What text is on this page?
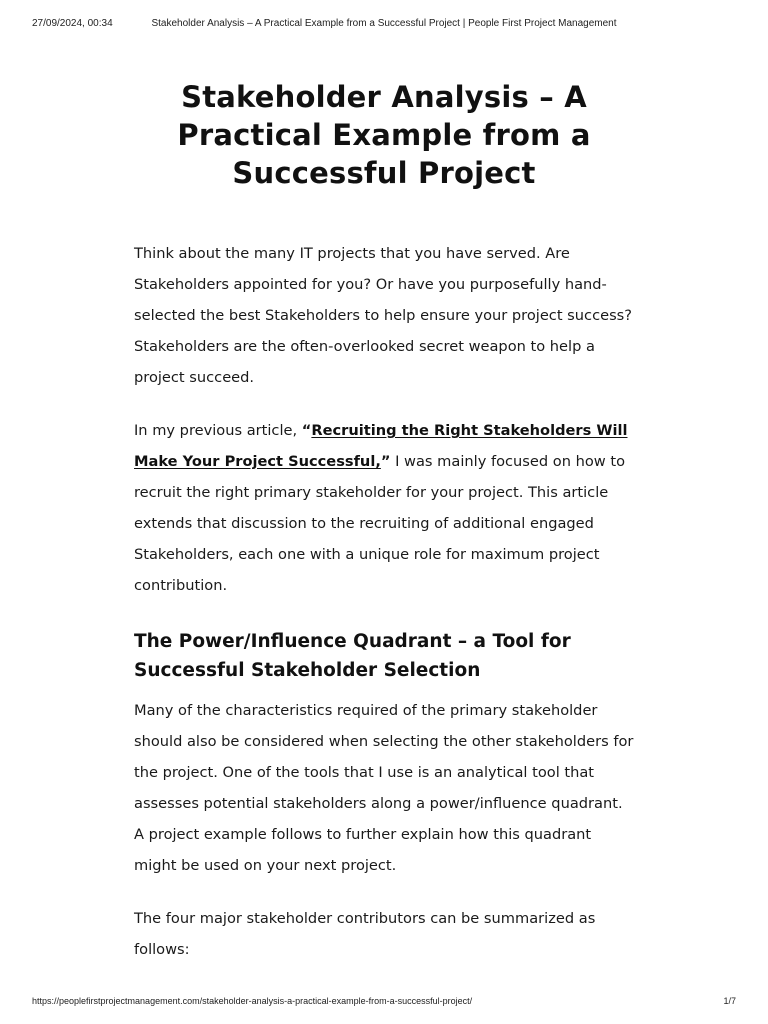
Stakeholder Analysis – A Practical Example from a Successful Project | People First Project Management
27/09/2024, 00:34
Stakeholder Analysis – A Practical Example from a Successful Project

Think about the many IT projects that you have served. Are Stakeholders appointed for you? Or have you purposefully hand-selected the best Stakeholders to help ensure your project success? Stakeholders are the often-overlooked secret weapon to help a project succeed.

In my previous article, “Recruiting the Right Stakeholders Will Make Your Project Successful,” I was mainly focused on how to recruit the right primary stakeholder for your project. This article extends that discussion to the recruiting of additional engaged Stakeholders, each one with a unique role for maximum project contribution.

The Power/Influence Quadrant – a Tool for Successful Stakeholder Selection

Many of the characteristics required of the primary stakeholder should also be considered when selecting the other stakeholders for the project. One of the tools that I use is an analytical tool that assesses potential stakeholders along a power/influence quadrant. A project example follows to further explain how this quadrant might be used on your next project.

The four major stakeholder contributors can be summarized as follows:

https://peoplefirstprojectmanagement.com/stakeholder-analysis-a-practical-example-from-a-successful-project/	1/7
